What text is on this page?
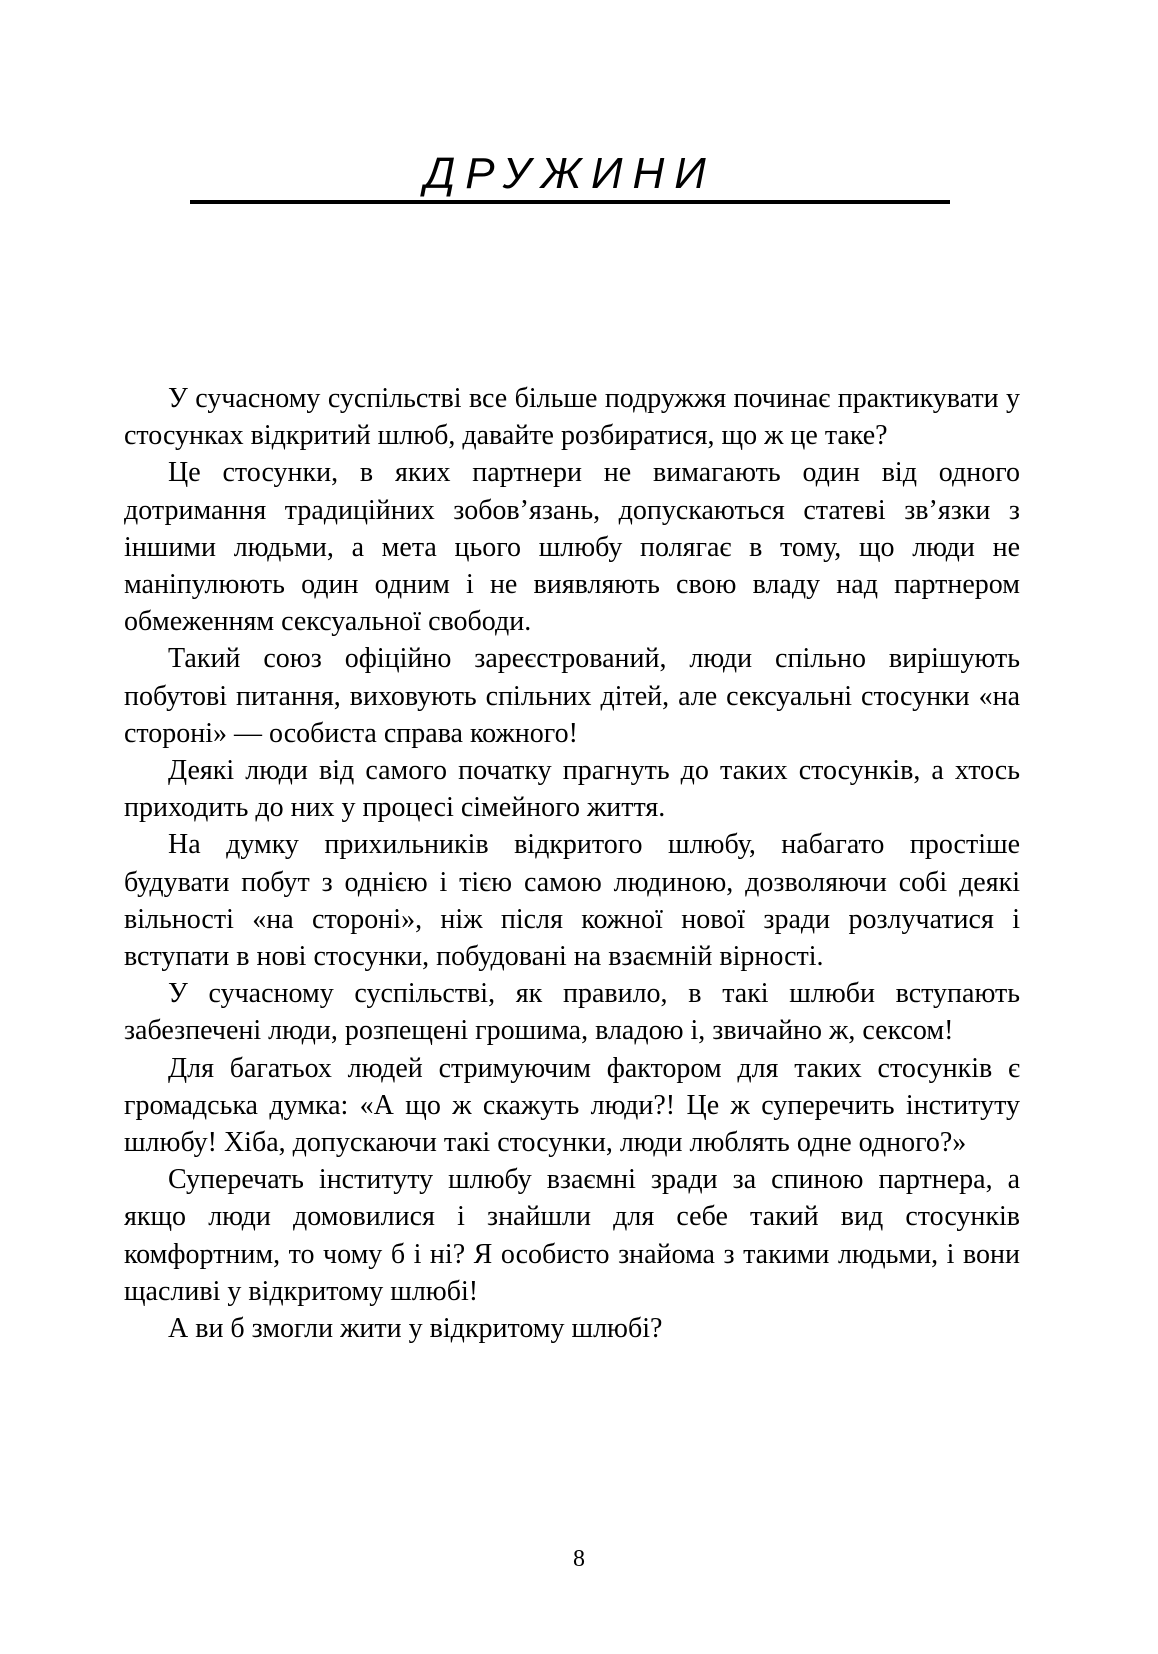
ДРУЖИНИ

У сучасному суспільстві все більше подружжя починає практикувати у стосунках відкритий шлюб, давайте розбиратися, що ж це таке?

Це стосунки, в яких партнери не вимагають один від одного дотримання традиційних зобов’язань, допускаються статеві зв’язки з іншими людьми, а мета цього шлюбу полягає в тому, що люди не маніпулюють один одним і не виявляють свою владу над партнером обмеженням сексуальної свободи.

Такий союз офіційно зареєстрований, люди спільно вирішують побутові питання, виховують спільних дітей, але сексуальні стосунки «на стороні» — особиста справа кожного!

Деякі люди від самого початку прагнуть до таких стосунків, а хтось приходить до них у процесі сімейного життя.

На думку прихильників відкритого шлюбу, набагато простіше будувати побут з однією і тією самою людиною, дозволяючи собі деякі вільності «на стороні», ніж після кожної нової зради розлучатися і вступати в нові стосунки, побудовані на взаємній вірності.

У сучасному суспільстві, як правило, в такі шлюби вступають забезпечені люди, розпещені грошима, владою і, звичайно ж, сексом!

Для багатьох людей стримуючим фактором для таких стосунків є громадська думка: «А що ж скажуть люди?! Це ж суперечить інституту шлюбу! Хіба, допускаючи такі стосунки, люди люблять одне одного?»

Суперечать інституту шлюбу взаємні зради за спиною партнера, а якщо люди домовилися і знайшли для себе такий вид стосунків комфортним, то чому б і ні? Я особисто знайома з такими людьми, і вони щасливі у відкритому шлюбі!

А ви б змогли жити у відкритому шлюбі?

8
